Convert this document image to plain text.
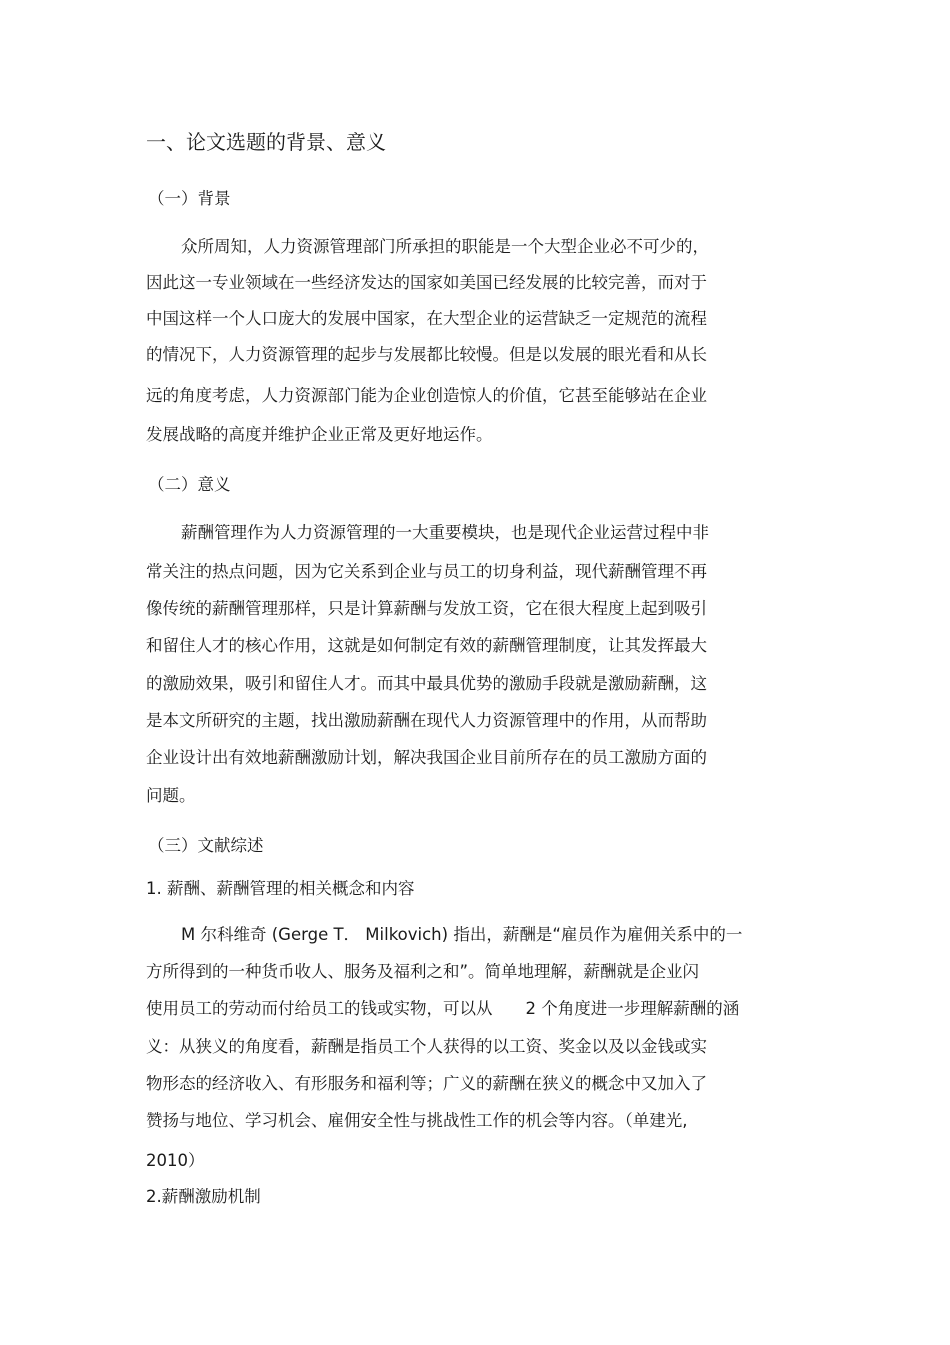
一、论文选题的背景、意义
（一）背景
众所周知，人力资源管理部门所承担的职能是一个大型企业必不可少的，
因此这一专业领域在一些经济发达的国家如美国已经发展的比较完善，而对于
中国这样一个人口庞大的发展中国家，在大型企业的运营缺乏一定规范的流程
的情况下，人力资源管理的起步与发展都比较慢。但是以发展的眼光看和从长
远的角度考虑，人力资源部门能为企业创造惊人的价值，它甚至能够站在企业
发展战略的高度并维护企业正常及更好地运作。
（二）意义
薪酬管理作为人力资源管理的一大重要模块，也是现代企业运营过程中非
常关注的热点问题，因为它关系到企业与员工的切身利益，现代薪酬管理不再
像传统的薪酬管理那样，只是计算薪酬与发放工资，它在很大程度上起到吸引
和留住人才的核心作用，这就是如何制定有效的薪酬管理制度，让其发挥最大
的激励效果，吸引和留住人才。而其中最具优势的激励手段就是激励薪酬，这
是本文所研究的主题，找出激励薪酬在现代人力资源管理中的作用，从而帮助
企业设计出有效地薪酬激励计划，解决我国企业目前所存在的员工激励方面的
问题。
（三）文献综述
1. 薪酬、薪酬管理的相关概念和内容
M 尔科维奇 (Gerge T． Milkovich) 指出，薪酬是“雇员作为雇佣关系中的一
方所得到的一种货币收人、服务及福利之和”。简单地理解，薪酬就是企业闪
使用员工的劳动而付给员工的钱或实物，可以从　　2 个角度进一步理解薪酬的涵
义：从狭义的角度看，薪酬是指员工个人获得的以工资、奖金以及以金钱或实
物形态的经济收入、有形服务和福利等；广义的薪酬在狭义的概念中又加入了
赞扬与地位、学习机会、雇佣安全性与挑战性工作的机会等内容。（单建光,
2010）
2.薪酬激励机制
